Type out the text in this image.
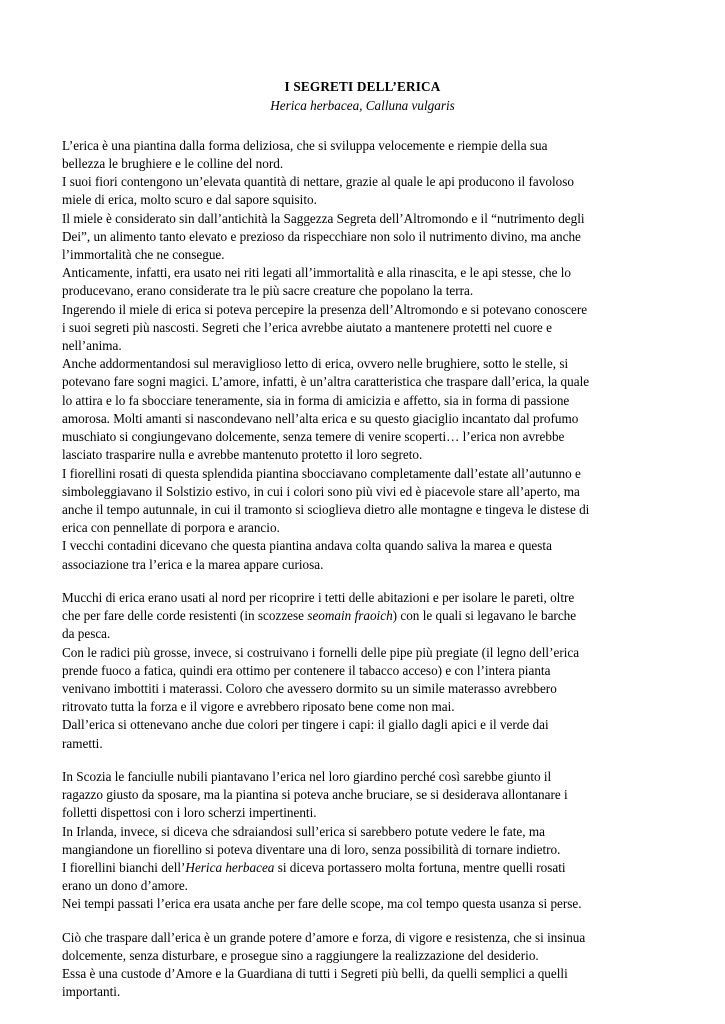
I SEGRETI DELL’ERICA
Herica herbacea, Calluna vulgaris
L’erica è una piantina dalla forma deliziosa, che si sviluppa velocemente e riempie della sua
bellezza le brughiere e le colline del nord.
I suoi fiori contengono un’elevata quantità di nettare, grazie al quale le api producono il favoloso
miele di erica, molto scuro e dal sapore squisito.
Il miele è considerato sin dall’antichità la Saggezza Segreta dell’Altromondo e il “nutrimento degli
Dei”, un alimento tanto elevato e prezioso da rispecchiare non solo il nutrimento divino, ma anche
l’immortalità che ne consegue.
Anticamente, infatti, era usato nei riti legati all’immortalità e alla rinascita, e le api stesse, che lo
producevano, erano considerate tra le più sacre creature che popolano la terra.
Ingerendo il miele di erica si poteva percepire la presenza dell’Altromondo e si potevano conoscere
i suoi segreti più nascosti. Segreti che l’erica avrebbe aiutato a mantenere protetti nel cuore e
nell’anima.
Anche addormentandosi sul meraviglioso letto di erica, ovvero nelle brughiere, sotto le stelle, si
potevano fare sogni magici. L’amore, infatti, è un’altra caratteristica che traspare dall’erica, la quale
lo attira e lo fa sbocciare teneramente, sia in forma di amicizia e affetto, sia in forma di passione
amorosa. Molti amanti si nascondevano nell’alta erica e su questo giaciglio incantato dal profumo
muschiato si congiungevano dolcemente, senza temere di venire scoperti… l’erica non avrebbe
lasciato trasparire nulla e avrebbe mantenuto protetto il loro segreto.
I fiorellini rosati di questa splendida piantina sbocciavano completamente dall’estate all’autunno e
simboleggiavano il Solstizio estivo, in cui i colori sono più vivi ed è piacevole stare all’aperto, ma
anche il tempo autunnale, in cui il tramonto si scioglieva dietro alle montagne e tingeva le distese di
erica con pennellate di porpora e arancio.
I vecchi contadini dicevano che questa piantina andava colta quando saliva la marea e questa
associazione tra l’erica e la marea appare curiosa.
Mucchi di erica erano usati al nord per ricoprire i tetti delle abitazioni e per isolare le pareti, oltre
che per fare delle corde resistenti (in scozzese seomain fraoich) con le quali si legavano le barche
da pesca.
Con le radici più grosse, invece, si costruivano i fornelli delle pipe più pregiate (il legno dell’erica
prende fuoco a fatica, quindi era ottimo per contenere il tabacco acceso) e con l’intera pianta
venivano imbottiti i materassi. Coloro che avessero dormito su un simile materasso avrebbero
ritrovato tutta la forza e il vigore e avrebbero riposato bene come non mai.
Dall’erica si ottenevano anche due colori per tingere i capi: il giallo dagli apici e il verde dai
rametti.
In Scozia le fanciulle nubili piantavano l’erica nel loro giardino perché così sarebbe giunto il
ragazzo giusto da sposare, ma la piantina si poteva anche bruciare, se si desiderava allontanare i
folletti dispettosi con i loro scherzi impertinenti.
In Irlanda, invece, si diceva che sdraiandosi sull’erica si sarebbero potute vedere le fate, ma
mangiandone un fiorellino si poteva diventare una di loro, senza possibilità di tornare indietro.
I fiorellini bianchi dell’Herica herbacea si diceva portassero molta fortuna, mentre quelli rosati
erano un dono d’amore.
Nei tempi passati l’erica era usata anche per fare delle scope, ma col tempo questa usanza si perse.
Ciò che traspare dall’erica è un grande potere d’amore e forza, di vigore e resistenza, che si insinua
dolcemente, senza disturbare, e prosegue sino a raggiungere la realizzazione del desiderio.
Essa è una custode d’Amore e la Guardiana di tutti i Segreti più belli, da quelli semplici a quelli
importanti.
